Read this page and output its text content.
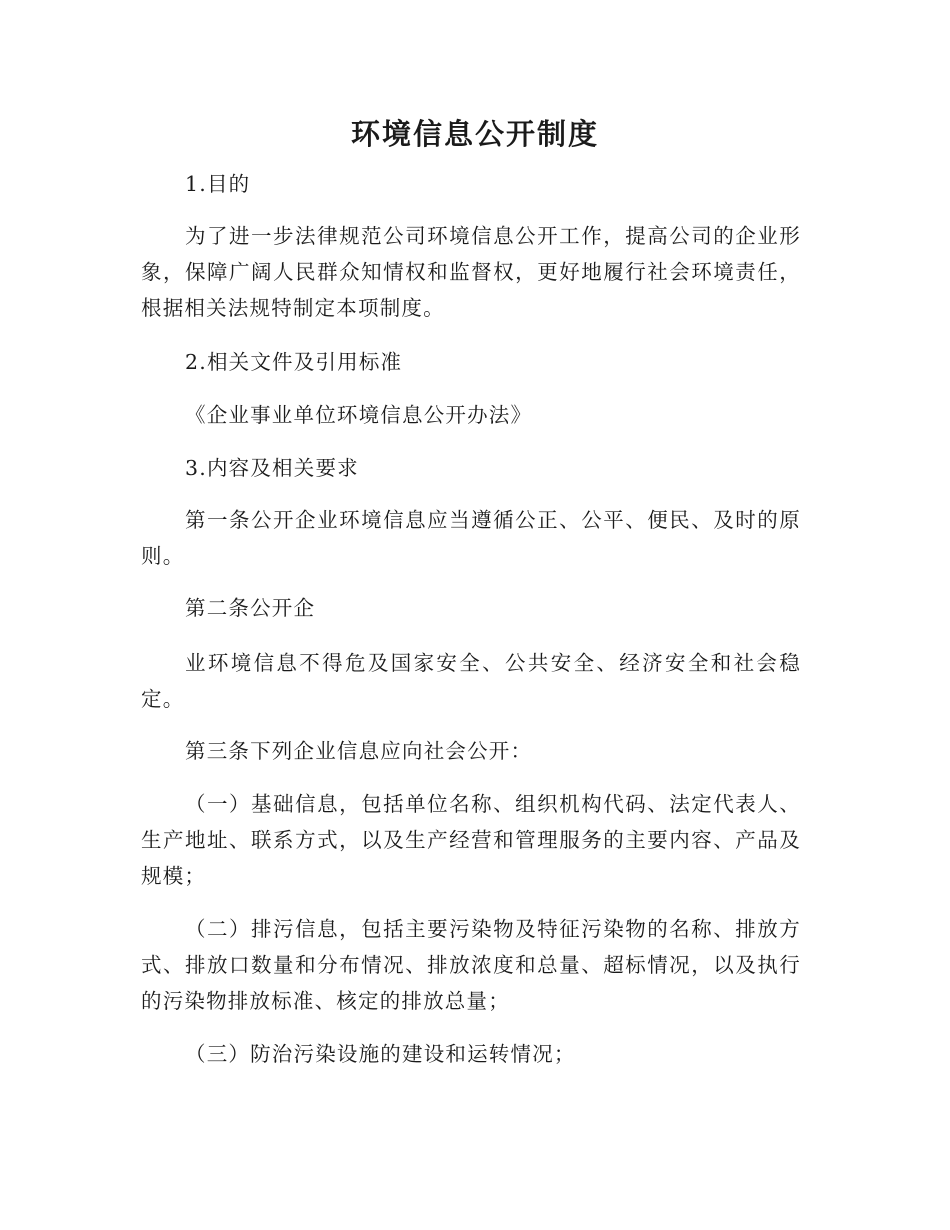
环境信息公开制度

1.目的

为了进一步法律规范公司环境信息公开工作，提高公司的企业形象，保障广阔人民群众知情权和监督权，更好地履行社会环境责任，根据相关法规特制定本项制度。

2.相关文件及引用标准

《企业事业单位环境信息公开办法》

3.内容及相关要求

第一条公开企业环境信息应当遵循公正、公平、便民、及时的原则。

第二条公开企

业环境信息不得危及国家安全、公共安全、经济安全和社会稳定。

第三条下列企业信息应向社会公开：

（一）基础信息，包括单位名称、组织机构代码、法定代表人、生产地址、联系方式，以及生产经营和管理服务的主要内容、产品及规模；

（二）排污信息，包括主要污染物及特征污染物的名称、排放方式、排放口数量和分布情况、排放浓度和总量、超标情况，以及执行的污染物排放标准、核定的排放总量；

（三）防治污染设施的建设和运转情况；
